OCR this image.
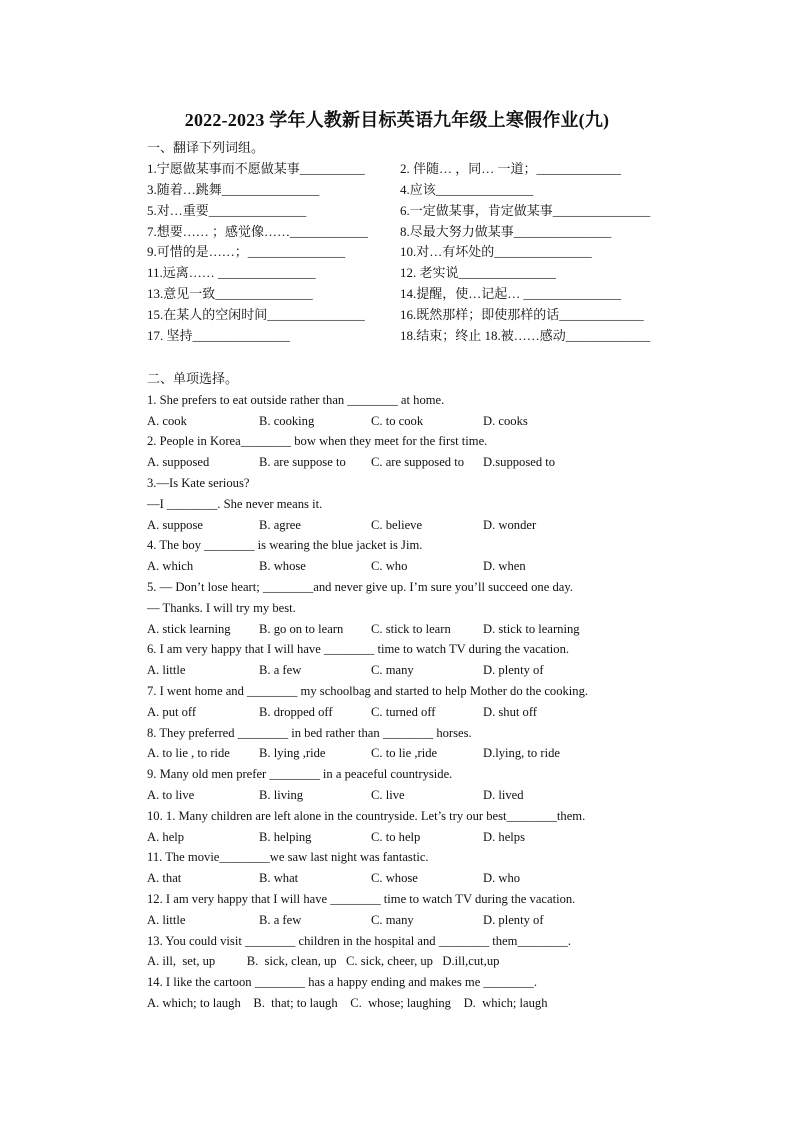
2022-2023 学年人教新目标英语九年级上寒假作业(九)
一、翻译下列词组。
1.宁愿做某事而不愿做某事__________	2. 伴随… ，同… 一道；_____________
3.随着…跳舞_______________	4.应该_______________
5.对…重要_______________	6.一定做某事，肯定做某事_______________
7.想要…… ；感觉像……____________	8.尽最大努力做某事_______________
9.可惜的是……；_______________	10.对…有坏处的_______________
11.远离…… _______________	12. 老实说_______________
13.意见一致_______________	14.提醒，使…记起… _______________
15.在某人的空闲时间_______________	16.既然那样；即使那样的话_____________
17. 坚持_______________	18.结束；终止 18.被……感动_____________
二、单项选择。
1. She prefers to eat outside rather than ________ at home.
A. cook	B. cooking	C. to cook	D. cooks
2. People in Korea________ bow when they meet for the first time.
A. supposed	B. are suppose to	C. are supposed to	D.supposed to
3.—Is Kate serious?
—I ________. She never means it.
A. suppose	B. agree	C. believe	D. wonder
4. The boy ________ is wearing the blue jacket is Jim.
A. which	B. whose	C. who	D. when
5. — Don’t lose heart; ________and never give up. I’m sure you’ll succeed one day.
— Thanks. I will try my best.
A. stick learning	B. go on to learn	C. stick to learn	D. stick to learning
6. I am very happy that I will have ________ time to watch TV during the vacation.
A. little	B. a few	C. many	D. plenty of
7. I went home and ________ my schoolbag and started to help Mother do the cooking.
A. put off	B. dropped off	C. turned off	D. shut off
8. They preferred ________ in bed rather than ________ horses.
A. to lie , to ride	B. lying ,ride	C. to lie ,ride	D.lying, to ride
9. Many old men prefer ________ in a peaceful countryside.
A. to live	B. living	C. live	D. lived
10. 1. Many children are left alone in the countryside. Let’s try our best________them.
A. help	B. helping	C. to help	D. helps
11. The movie________we saw last night was fantastic.
A. that	B. what	C. whose	D. who
12. I am very happy that I will have ________ time to watch TV during the vacation.
A. little	B. a few	C. many	D. plenty of
13. You could visit ________ children in the hospital and ________ them________.
A. ill,  set, up          B.  sick, clean, up   C. sick, cheer, up   D.ill,cut,up
14. I like the cartoon ________ has a happy ending and makes me ________.
A. which; to laugh    B.  that; to laugh    C.  whose; laughing    D.  which; laugh
